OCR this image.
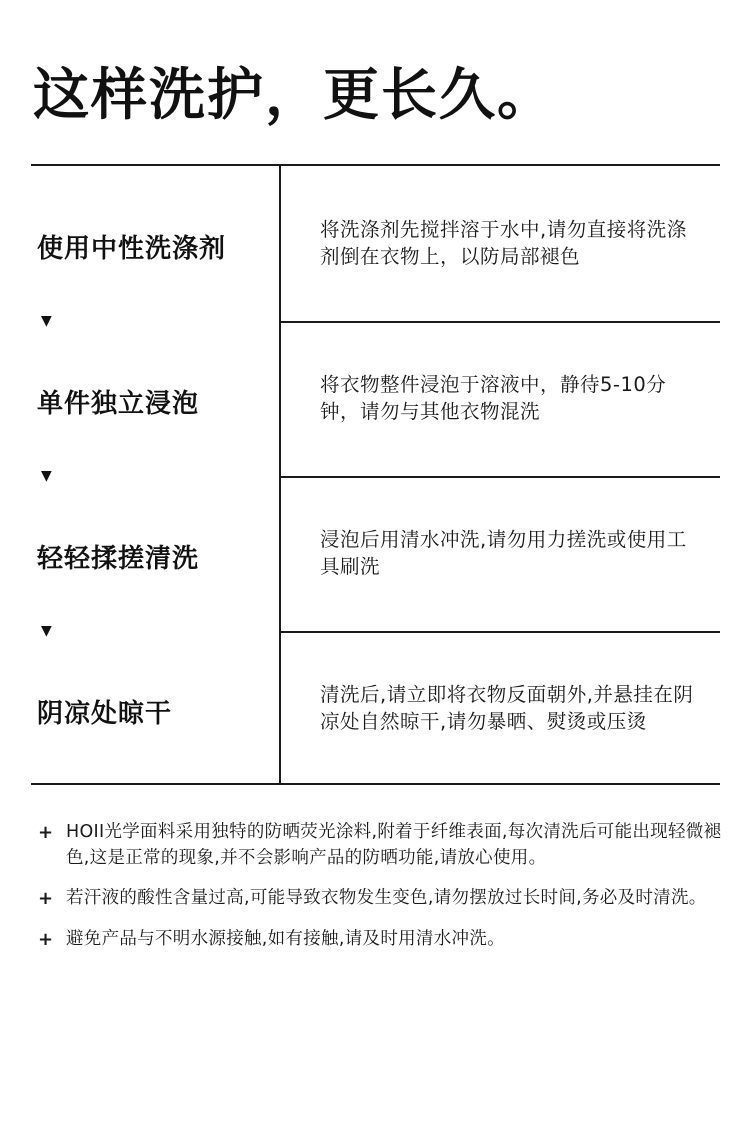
这样洗护，更长久。
使用中性洗涤剂
将洗涤剂先搅拌溶于水中,请勿直接将洗涤剂倒在衣物上，以防局部褪色
▼
单件独立浸泡
将衣物整件浸泡于溶液中，静待5-10分钟，请勿与其他衣物混洗
▼
轻轻揉搓清洗
浸泡后用清水冲洗,请勿用力搓洗或使用工具刷洗
▼
阴凉处晾干
清洗后,请立即将衣物反面朝外,并悬挂在阴凉处自然晾干,请勿暴晒、熨烫或压烫
+ HOII光学面料采用独特的防晒荧光涂料,附着于纤维表面,每次清洗后可能出现轻微褪色,这是正常的现象,并不会影响产品的防晒功能,请放心使用。
+ 若汗液的酸性含量过高,可能导致衣物发生变色,请勿摆放过长时间,务必及时清洗。
+ 避免产品与不明水源接触,如有接触,请及时用清水冲洗。
